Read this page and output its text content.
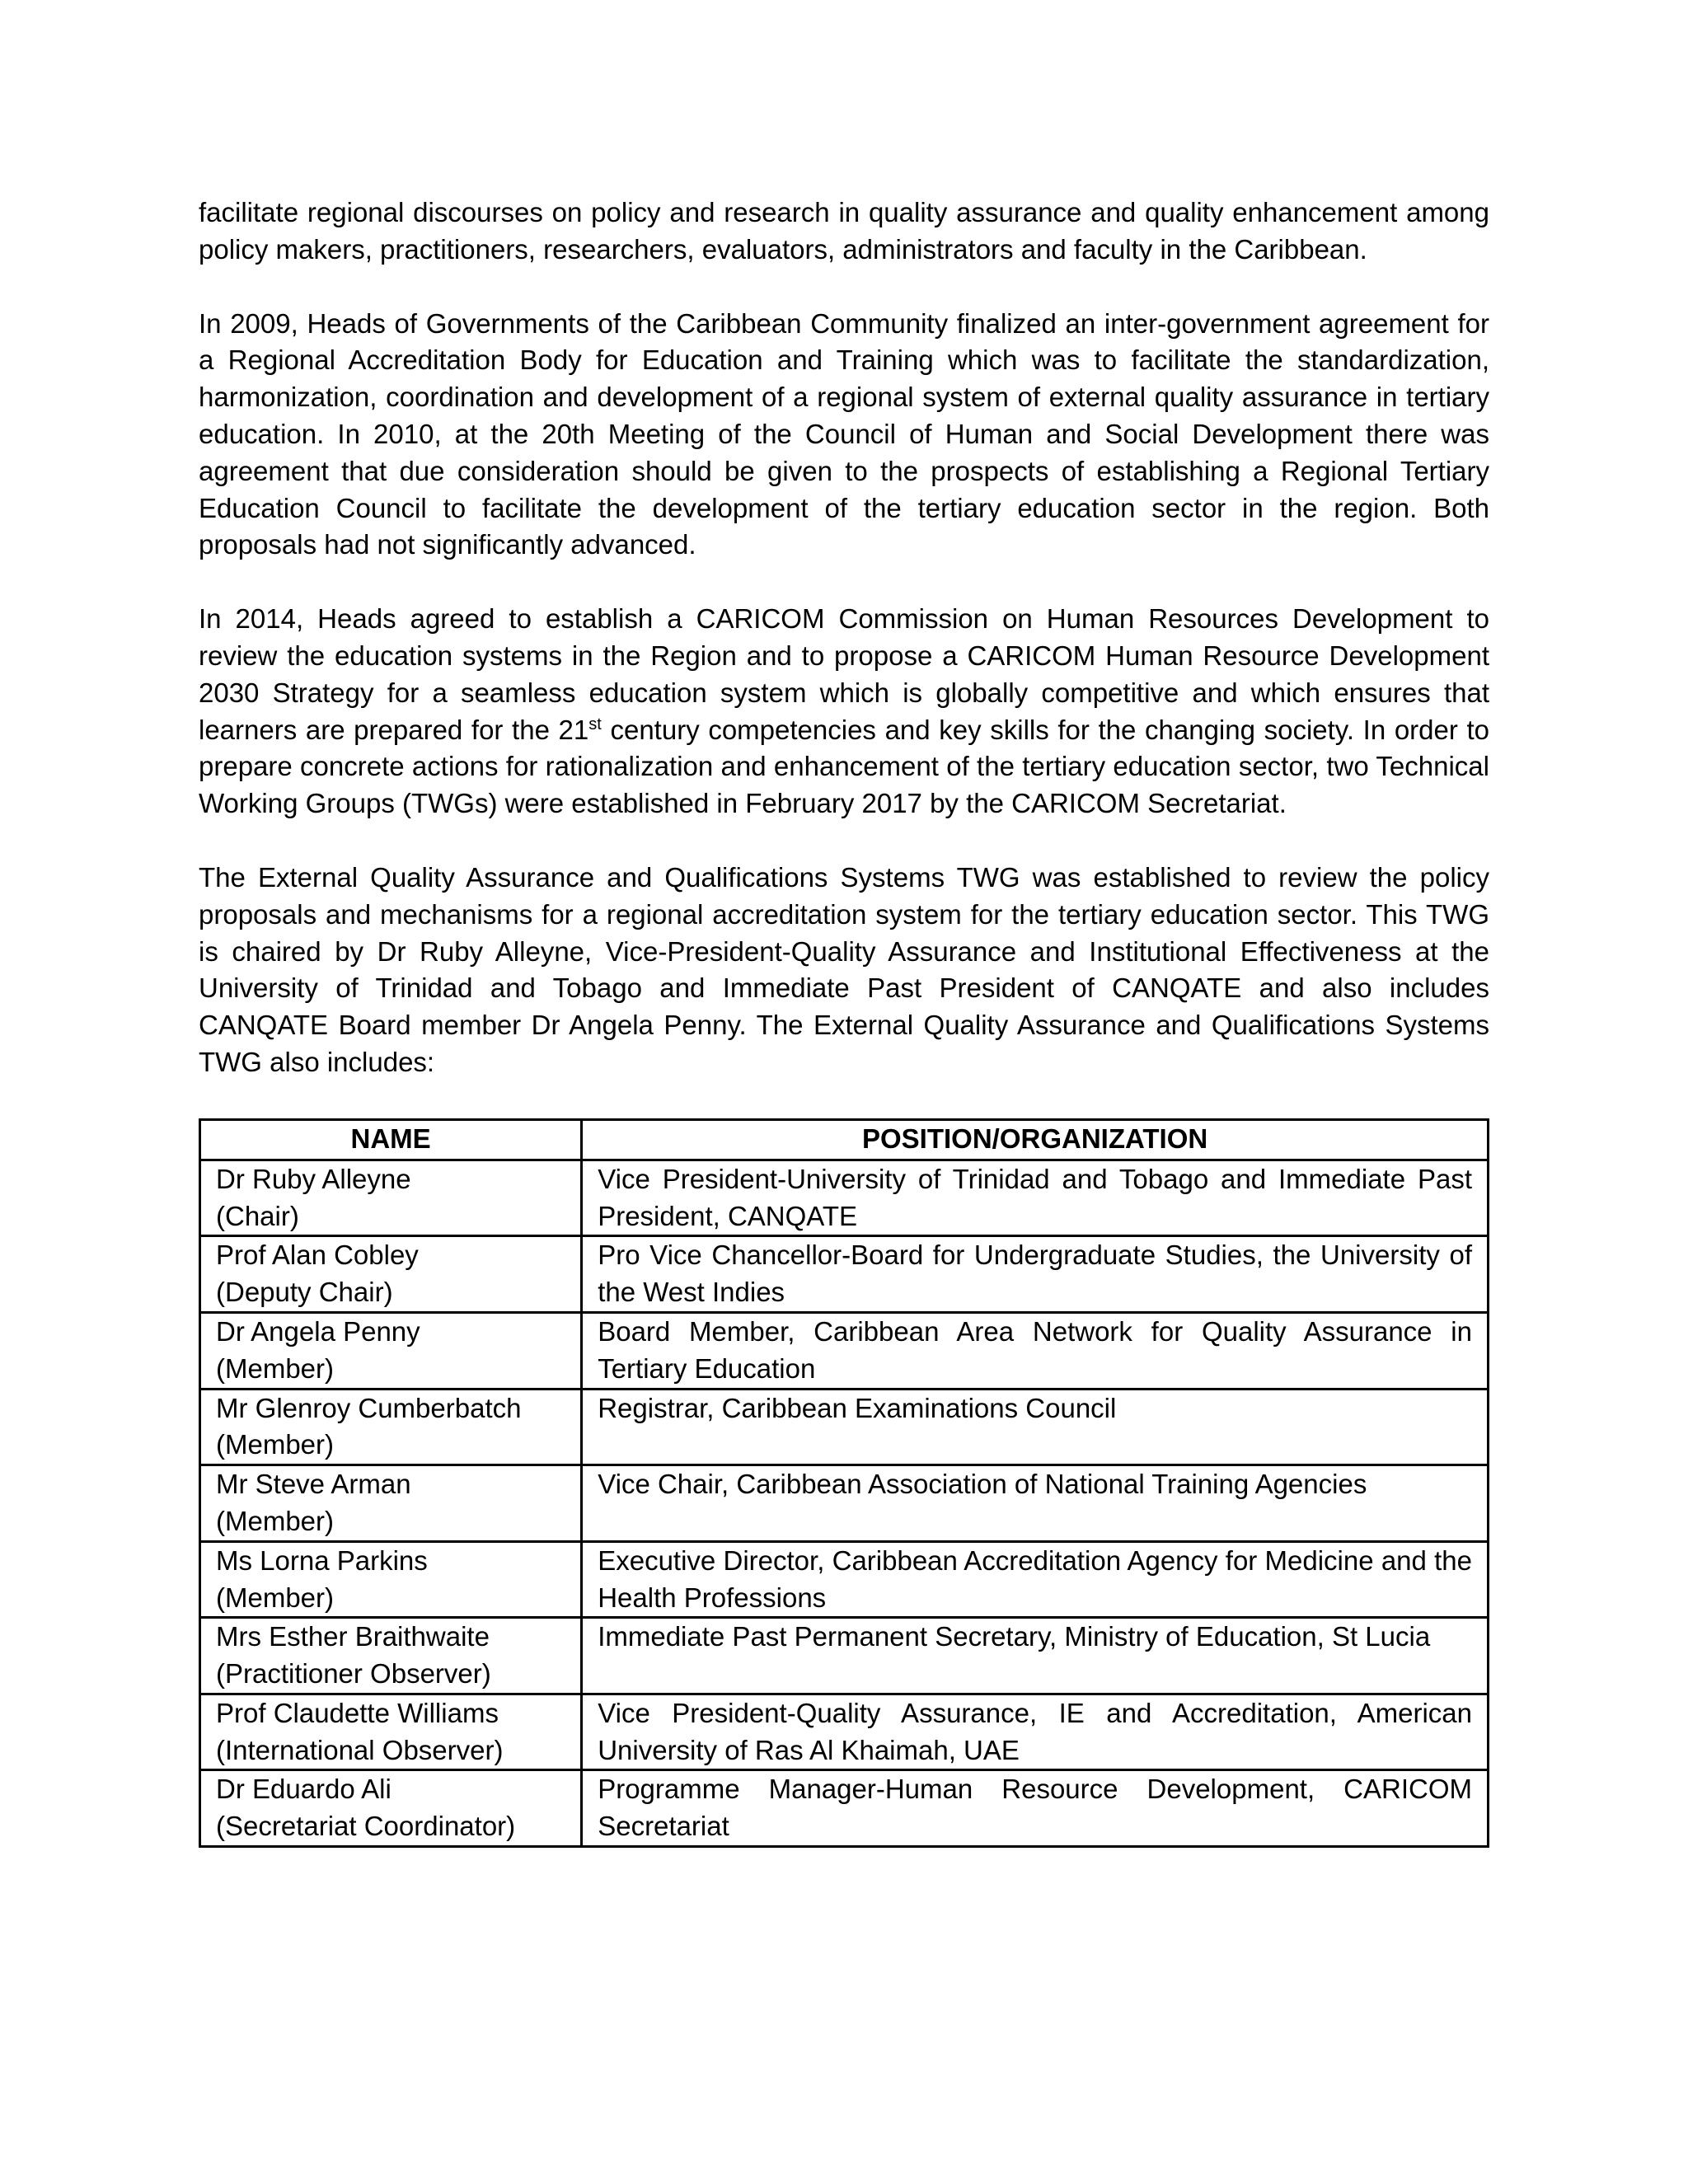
facilitate regional discourses on policy and research in quality assurance and quality enhancement among policy makers, practitioners, researchers, evaluators, administrators and faculty in the Caribbean.

In 2009, Heads of Governments of the Caribbean Community finalized an inter-government agreement for a Regional Accreditation Body for Education and Training which was to facilitate the standardization, harmonization, coordination and development of a regional system of external quality assurance in tertiary education. In 2010, at the 20th Meeting of the Council of Human and Social Development there was agreement that due consideration should be given to the prospects of establishing a Regional Tertiary Education Council to facilitate the development of the tertiary education sector in the region. Both proposals had not significantly advanced.

In 2014, Heads agreed to establish a CARICOM Commission on Human Resources Development to review the education systems in the Region and to propose a CARICOM Human Resource Development 2030 Strategy for a seamless education system which is globally competitive and which ensures that learners are prepared for the 21st century competencies and key skills for the changing society. In order to prepare concrete actions for rationalization and enhancement of the tertiary education sector, two Technical Working Groups (TWGs) were established in February 2017 by the CARICOM Secretariat.

The External Quality Assurance and Qualifications Systems TWG was established to review the policy proposals and mechanisms for a regional accreditation system for the tertiary education sector. This TWG is chaired by Dr Ruby Alleyne, Vice-President-Quality Assurance and Institutional Effectiveness at the University of Trinidad and Tobago and Immediate Past President of CANQATE and also includes CANQATE Board member Dr Angela Penny. The External Quality Assurance and Qualifications Systems TWG also includes:

NAME	POSITION/ORGANIZATION

Dr Ruby Alleyne
(Chair)	Vice President-University of Trinidad and Tobago and Immediate Past President, CANQATE

Prof Alan Cobley
(Deputy Chair)	Pro Vice Chancellor-Board for Undergraduate Studies, the University of the West Indies

Dr Angela Penny
(Member)	Board Member, Caribbean Area Network for Quality Assurance in Tertiary Education

Mr Glenroy Cumberbatch
(Member)	Registrar, Caribbean Examinations Council

Mr Steve Arman
(Member)	Vice Chair, Caribbean Association of National Training Agencies

Ms Lorna Parkins
(Member)	Executive Director, Caribbean Accreditation Agency for Medicine and the Health Professions

Mrs Esther Braithwaite
(Practitioner Observer)	Immediate Past Permanent Secretary, Ministry of Education, St Lucia

Prof Claudette Williams
(International Observer)	Vice President-Quality Assurance, IE and Accreditation, American University of Ras Al Khaimah, UAE

Dr Eduardo Ali
(Secretariat Coordinator)	Programme Manager-Human Resource Development, CARICOM Secretariat
